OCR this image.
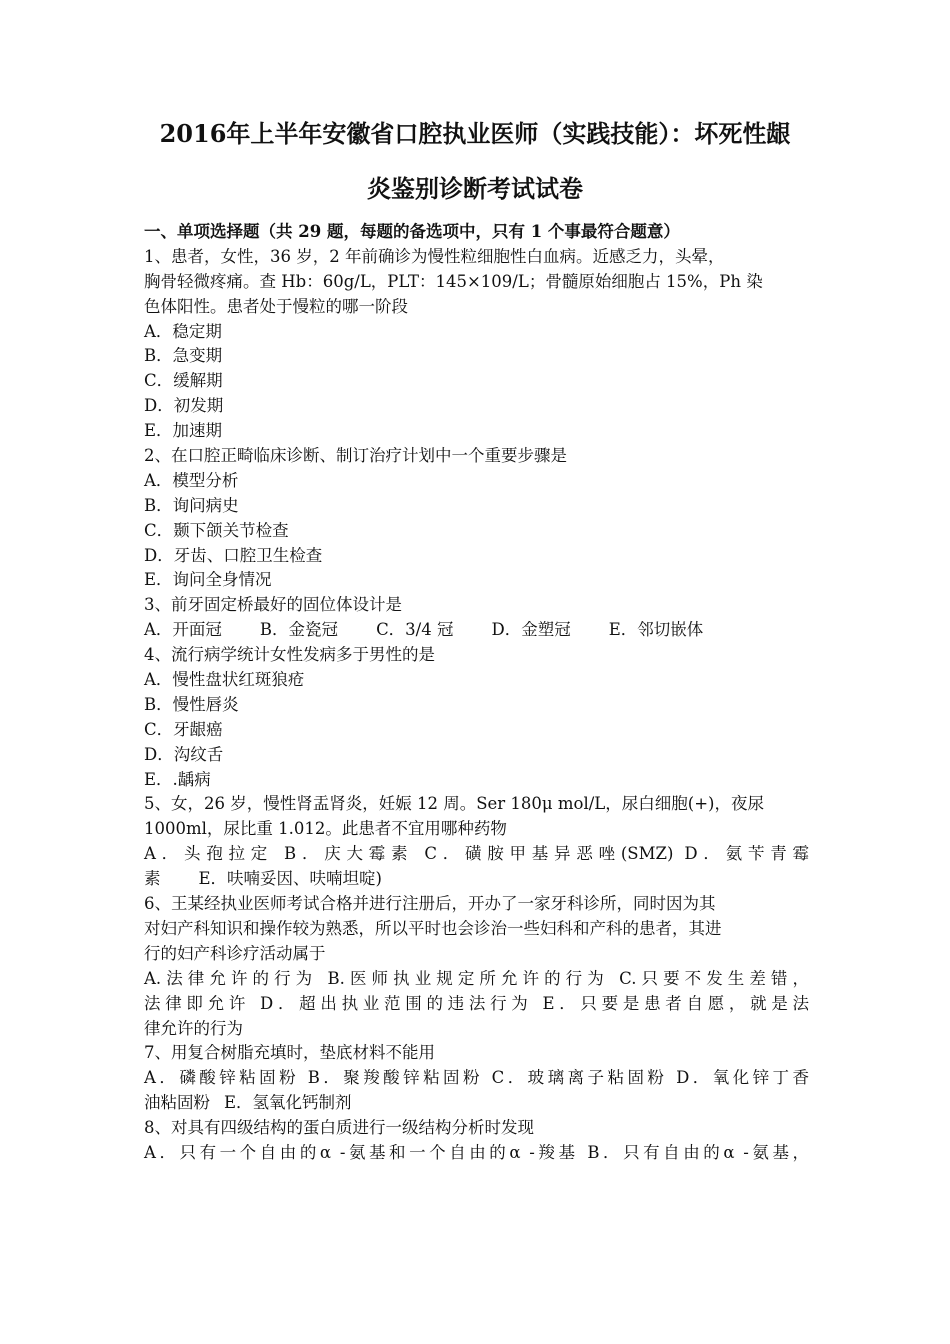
2016年上半年安徽省口腔执业医师（实践技能）：坏死性龈
炎鉴别诊断考试试卷
一、单项选择题（共 29 题，每题的备选项中，只有 1 个事最符合题意）
1、患者，女性，36 岁，2 年前确诊为慢性粒细胞性白血病。近感乏力，头晕，
胸骨轻微疼痛。查 Hb：60g/L，PLT：145×109/L；骨髓原始细胞占 15%，Ph 染
色体阳性。患者处于慢粒的哪一阶段
A．稳定期
B．急变期
C．缓解期
D．初发期
E．加速期
2、在口腔正畸临床诊断、制订治疗计划中一个重要步骤是
A．模型分析
B．询问病史
C．颞下颌关节检查
D．牙齿、口腔卫生检查
E．询问全身情况
3、前牙固定桥最好的固位体设计是
A．开面冠 B．金瓷冠 C．3/4 冠 D．金塑冠 E．邻切嵌体
4、流行病学统计女性发病多于男性的是
A．慢性盘状红斑狼疮
B．慢性唇炎
C．牙龈癌
D．沟纹舌
E．.龋病
5、女，26 岁，慢性肾盂肾炎，妊娠 12 周。Ser 180μ mol/L，尿白细胞(+)，夜尿
1000ml，尿比重 1.012。此患者不宜用哪种药物
A．头孢拉定 B．庆大霉素 C．磺胺甲基异恶唑(SMZ) D．氨苄青霉
素 E．呋喃妥因、呋喃坦啶)
6、王某经执业医师考试合格并进行注册后，开办了一家牙科诊所，同时因为其
对妇产科知识和操作较为熟悉，所以平时也会诊治一些妇科和产科的患者，其进
行的妇产科诊疗活动属于
A.法律允许的行为 B.医师执业规定所允许的行为 C.只要不发生差错，
法律即允许 D．超出执业范围的违法行为 E．只要是患者自愿，就是法
律允许的行为
7、用复合树脂充填时，垫底材料不能用
A．磷酸锌粘固粉 B．聚羧酸锌粘固粉 C．玻璃离子粘固粉 D．氧化锌丁香
油粘固粉 E．氢氧化钙制剂
8、对具有四级结构的蛋白质进行一级结构分析时发现
A．只有一个自由的α -氨基和一个自由的α -羧基 B．只有自由的α -氨基，
